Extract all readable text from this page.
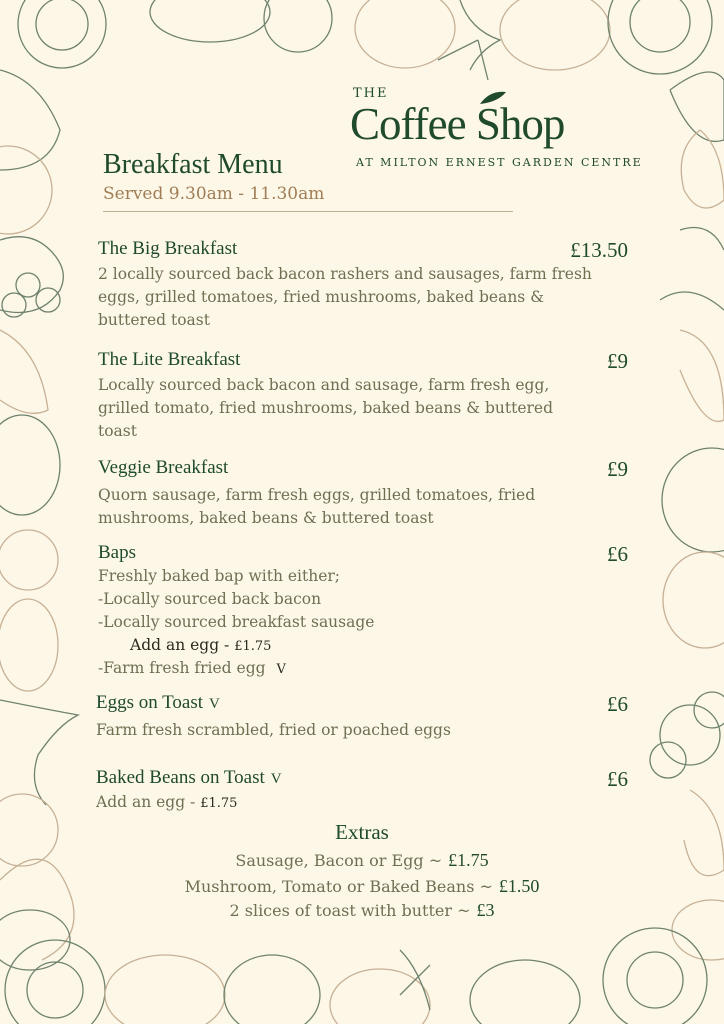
THE
Coffee Shop
AT MILTON ERNEST GARDEN CENTRE
Breakfast Menu
Served 9.30am - 11.30am
The Big Breakfast	£13.50
2 locally sourced back bacon rashers and sausages, farm fresh eggs, grilled tomatoes, fried mushrooms, baked beans & buttered toast
The Lite Breakfast	£9
Locally sourced back bacon and sausage, farm fresh egg, grilled tomato, fried mushrooms, baked beans & buttered toast
Veggie Breakfast	£9
Quorn sausage, farm fresh eggs, grilled tomatoes, fried mushrooms, baked beans & buttered toast
Baps	£6
Freshly baked bap with either;
-Locally sourced back bacon
-Locally sourced breakfast sausage
Add an egg - £1.75
-Farm fresh fried egg V
Eggs on Toast V	£6
Farm fresh scrambled, fried or poached eggs
Baked Beans on Toast V	£6
Add an egg - £1.75
Extras
Sausage, Bacon or Egg ~ £1.75
Mushroom, Tomato or Baked Beans ~ £1.50
2 slices of toast with butter ~ £3
